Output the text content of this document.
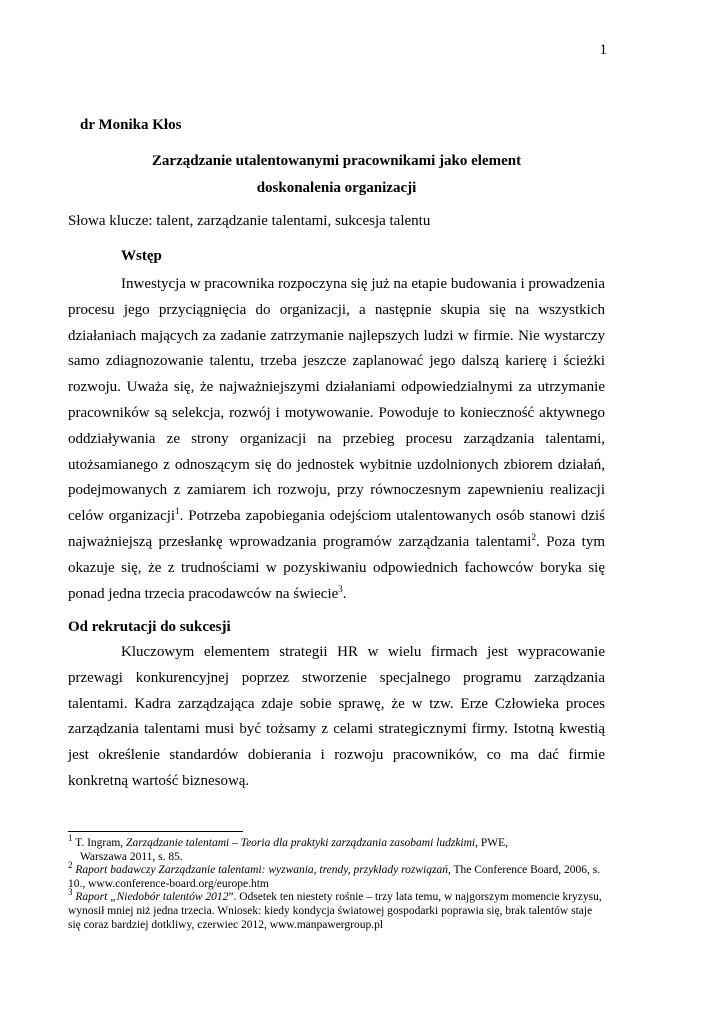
1
dr Monika Kłos
Zarządzanie utalentowanymi pracownikami jako element
doskonalenia organizacji
Słowa klucze: talent, zarządzanie talentami, sukcesja talentu
Wstęp

Inwestycja w pracownika rozpoczyna się już na etapie budowania i prowadzenia procesu jego przyciągnięcia do organizacji, a następnie skupia się na wszystkich działaniach mających za zadanie zatrzymanie najlepszych ludzi w firmie. Nie wystarczy samo zdiagnozowanie talentu, trzeba jeszcze zaplanować jego dalszą karierę i ścieżki rozwoju. Uważa się, że najważniejszymi działaniami odpowiedzialnymi za utrzymanie pracowników są selekcja, rozwój i motywowanie. Powoduje to konieczność aktywnego oddziaływania ze strony organizacji na przebieg procesu zarządzania talentami, utożsamianego z odnoszącym się do jednostek wybitnie uzdolnionych zbiorem działań, podejmowanych z zamiarem ich rozwoju, przy równoczesnym zapewnieniu realizacji celów organizacji$^1$. Potrzeba zapobiegania odejściom utalentowanych osób stanowi dziś najważniejszą przesłankę wprowadzania programów zarządzania talentami$^2$. Poza tym okazuje się, że z trudnościami w pozyskiwaniu odpowiednich fachowców boryka się ponad jedna trzecia pracodawców na świecie$^3$.

Od rekrutacji do sukcesji

Kluczowym elementem strategii HR w wielu firmach jest wypracowanie przewagi konkurencyjnej poprzez stworzenie specjalnego programu zarządzania talentami. Kadra zarządzająca zdaje sobie sprawę, że w tzw. Erze Człowieka proces zarządzania talentami musi być tożsamy z celami strategicznymi firmy. Istotną kwestią jest określenie standardów dobierania i rozwoju pracowników, co ma dać firmie konkretną wartość biznesową.

$^1$ T. Ingram, Zarządzanie talentami – Teoria dla praktyki zarządzania zasobami ludzkimi, PWE,
Warszawa 2011, s. 85.

$^2$ Raport badawczy Zarządzanie talentami: wyzwania, trendy, przykłady rozwiązań, The Conference Board, 2006, s. 10., www.conference-board.org/europe.htm

$^3$ Raport „Niedobór talentów 2012”. Odsetek ten niestety rośnie – trzy lata temu, w najgorszym momencie kryzysu, wynosił mniej niż jedna trzecia. Wniosek: kiedy kondycja światowej gospodarki poprawia się, brak talentów staje się coraz bardziej dotkliwy, czerwiec 2012, www.manpawergroup.pl
